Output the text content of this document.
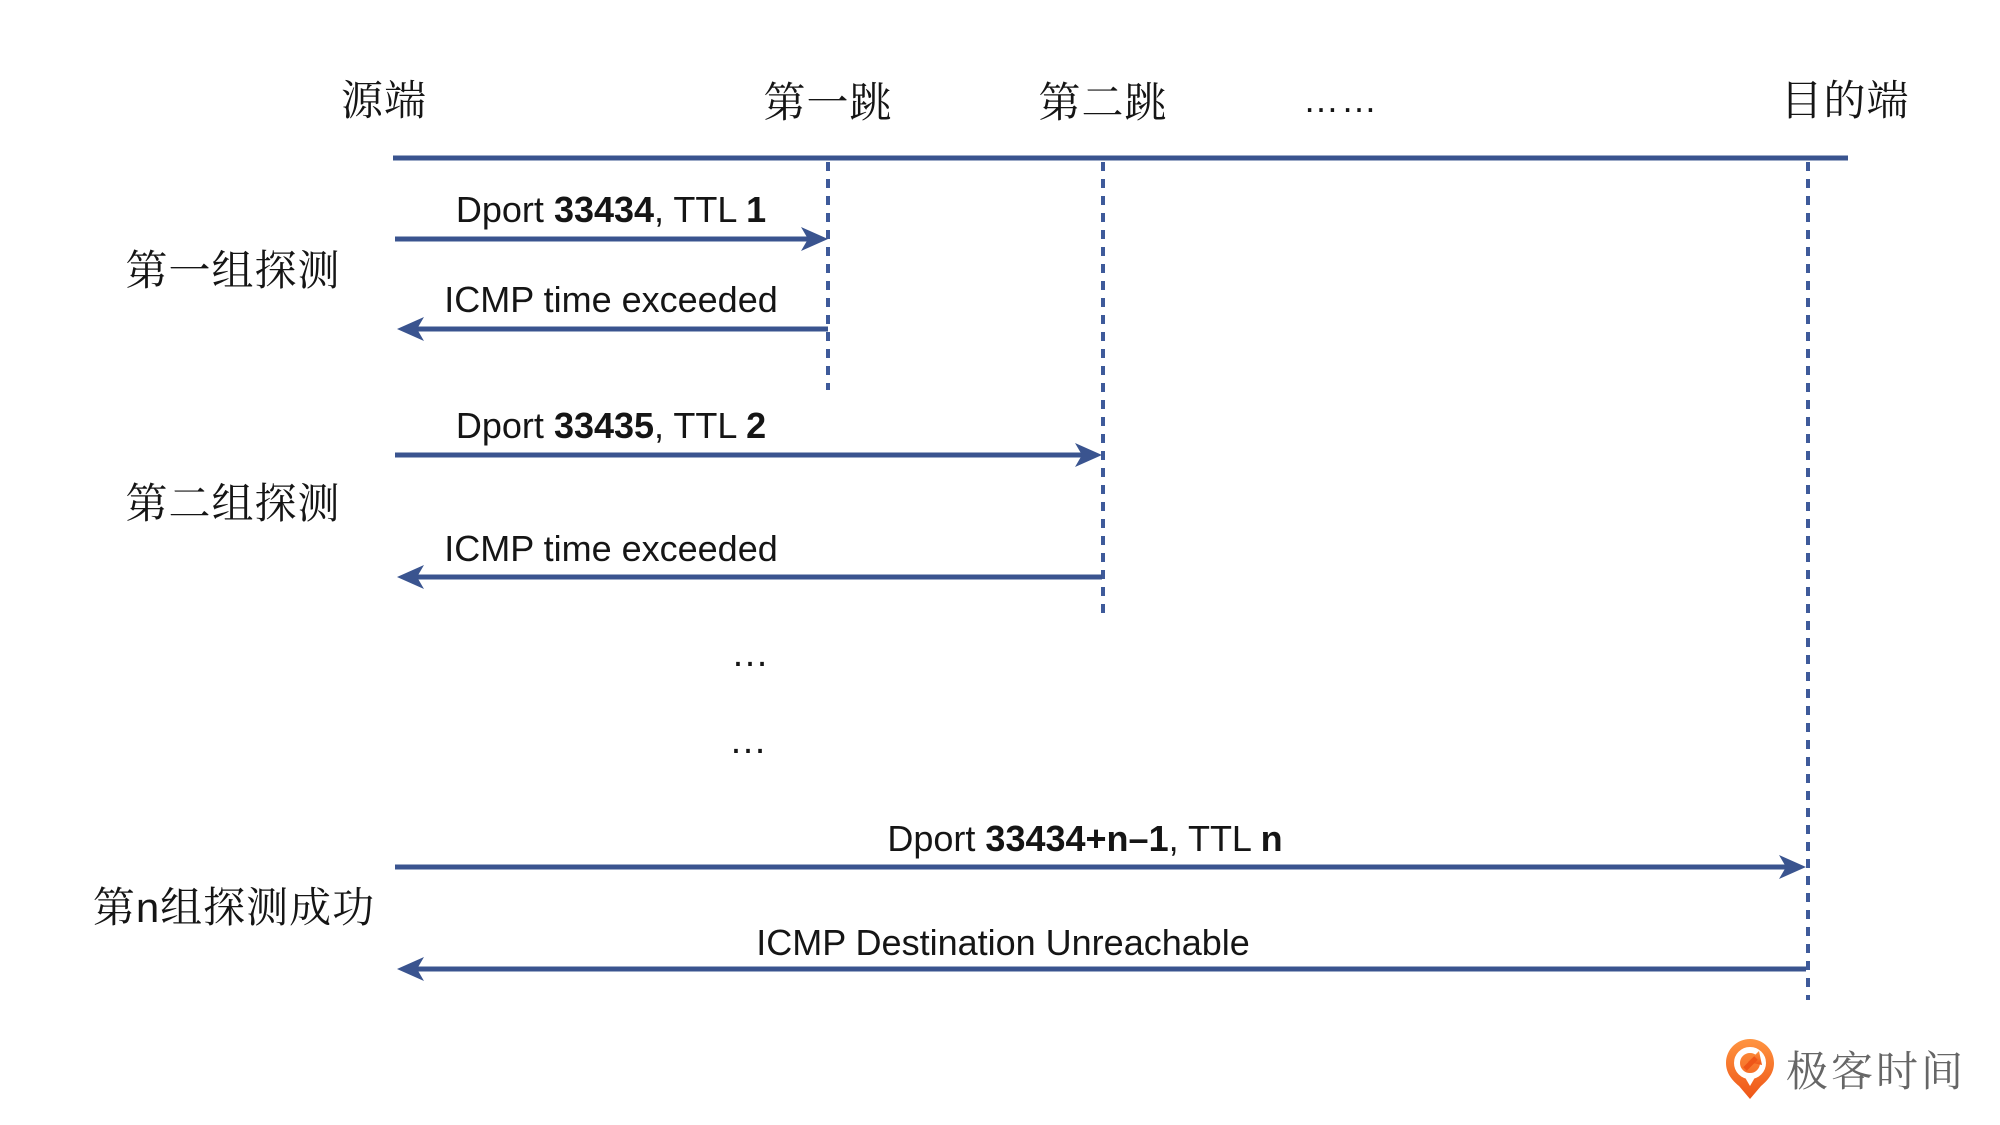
源端	第一跳	第二跳	……	目的端
第一组探测
Dport 33434, TTL 1
ICMP time exceeded
第二组探测
Dport 33435, TTL 2
ICMP time exceeded
…
…
第n组探测成功
Dport 33434+n–1, TTL n
ICMP Destination Unreachable
极客时间
